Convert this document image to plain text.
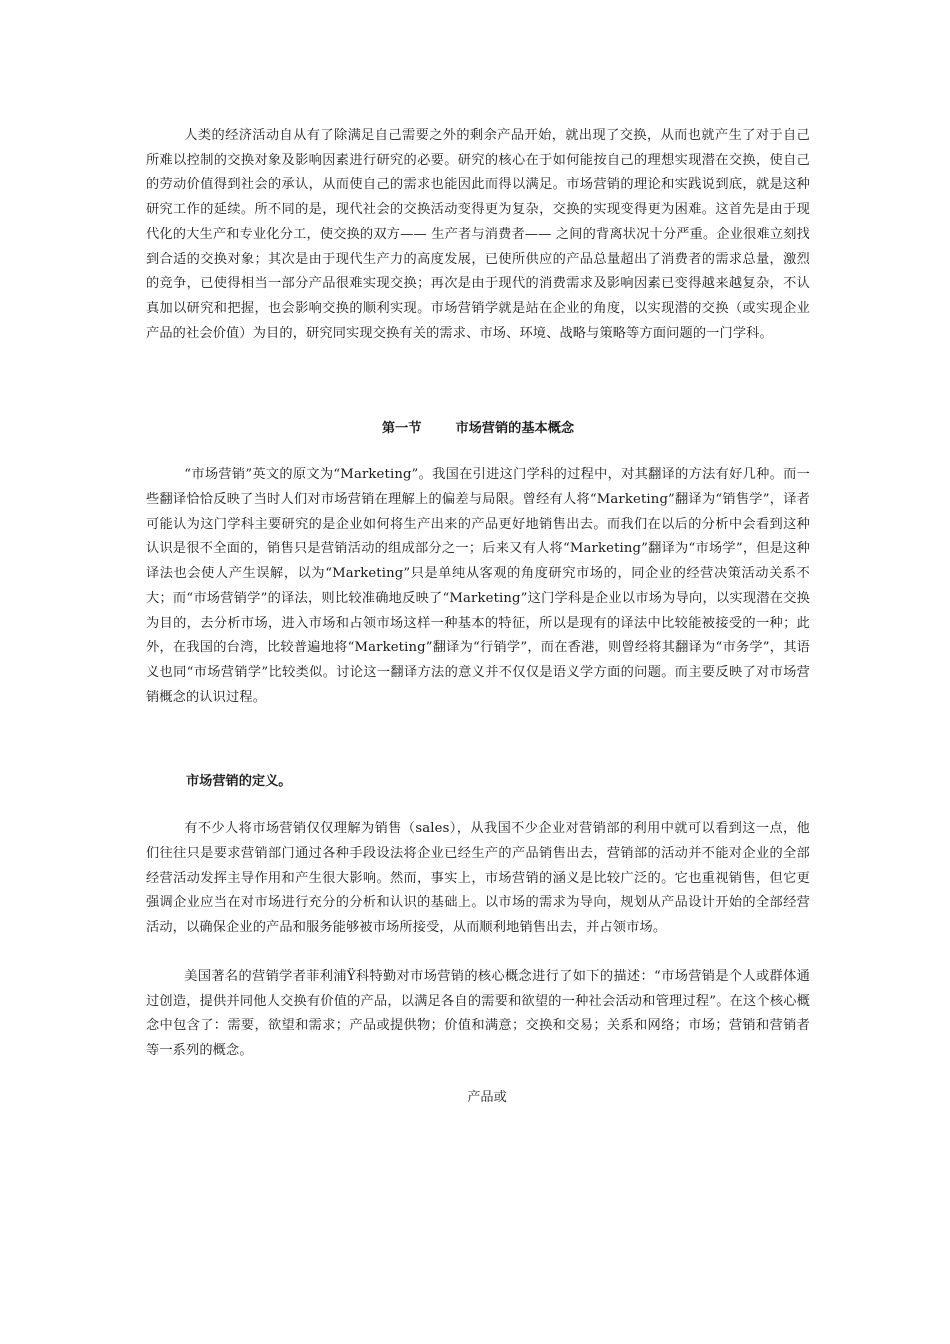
人类的经济活动自从有了除满足自己需要之外的剩余产品开始，就出现了交换，从而也就产生了对于自己所难以控制的交换对象及影响因素进行研究的必要。研究的核心在于如何能按自己的理想实现潜在交换，使自己的劳动价值得到社会的承认，从而使自己的需求也能因此而得以满足。市场营销的理论和实践说到底，就是这种研究工作的延续。所不同的是，现代社会的交换活动变得更为复杂，交换的实现变得更为困难。这首先是由于现代化的大生产和专业化分工，使交换的双方—— 生产者与消费者—— 之间的背离状况十分严重。企业很难立刻找到合适的交换对象；其次是由于现代生产力的高度发展，已使所供应的产品总量超出了消费者的需求总量，激烈的竞争，已使得相当一部分产品很难实现交换；再次是由于现代的消费需求及影响因素已变得越来越复杂，不认真加以研究和把握，也会影响交换的顺利实现。市场营销学就是站在企业的角度，以实现潜的交换（或实现企业产品的社会价值）为目的，研究同实现交换有关的需求、市场、环境、战略与策略等方面问题的一门学科。

第一节	市场营销的基本概念

“市场营销”英文的原文为“Marketing”。我国在引进这门学科的过程中，对其翻译的方法有好几种。而一些翻译恰恰反映了当时人们对市场营销在理解上的偏差与局限。曾经有人将“Marketing”翻译为“销售学”，译者可能认为这门学科主要研究的是企业如何将生产出来的产品更好地销售出去。而我们在以后的分析中会看到这种认识是很不全面的，销售只是营销活动的组成部分之一；后来又有人将“Marketing”翻译为“市场学”，但是这种译法也会使人产生误解，以为“Marketing”只是单纯从客观的角度研究市场的，同企业的经营决策活动关系不大；而“市场营销学”的译法，则比较准确地反映了“Marketing”这门学科是企业以市场为导向，以实现潜在交换为目的，去分析市场，进入市场和占领市场这样一种基本的特征，所以是现有的译法中比较能被接受的一种；此外，在我国的台湾，比较普遍地将“Marketing”翻译为“行销学”，而在香港，则曾经将其翻译为“市务学”，其语义也同“市场营销学”比较类似。讨论这一翻译方法的意义并不仅仅是语义学方面的问题。而主要反映了对市场营销概念的认识过程。

市场营销的定义。

有不少人将市场营销仅仅理解为销售（sales），从我国不少企业对营销部的利用中就可以看到这一点，他们往往只是要求营销部门通过各种手段设法将企业已经生产的产品销售出去，营销部的活动并不能对企业的全部经营活动发挥主导作用和产生很大影响。然而，事实上，市场营销的涵义是比较广泛的。它也重视销售，但它更强调企业应当在对市场进行充分的分析和认识的基础上。以市场的需求为导向，规划从产品设计开始的全部经营活动，以确保企业的产品和服务能够被市场所接受，从而顺利地销售出去，并占领市场。

美国著名的营销学者菲利浦Ÿ科特勤对市场营销的核心概念进行了如下的描述：“市场营销是个人或群体通过创造，提供并同他人交换有价值的产品，以满足各自的需要和欲望的一种社会活动和管理过程”。在这个核心概念中包含了：需要，欲望和需求；产品或提供物；价值和满意；交换和交易；关系和网络；市场；营销和营销者等一系列的概念。

产品或
